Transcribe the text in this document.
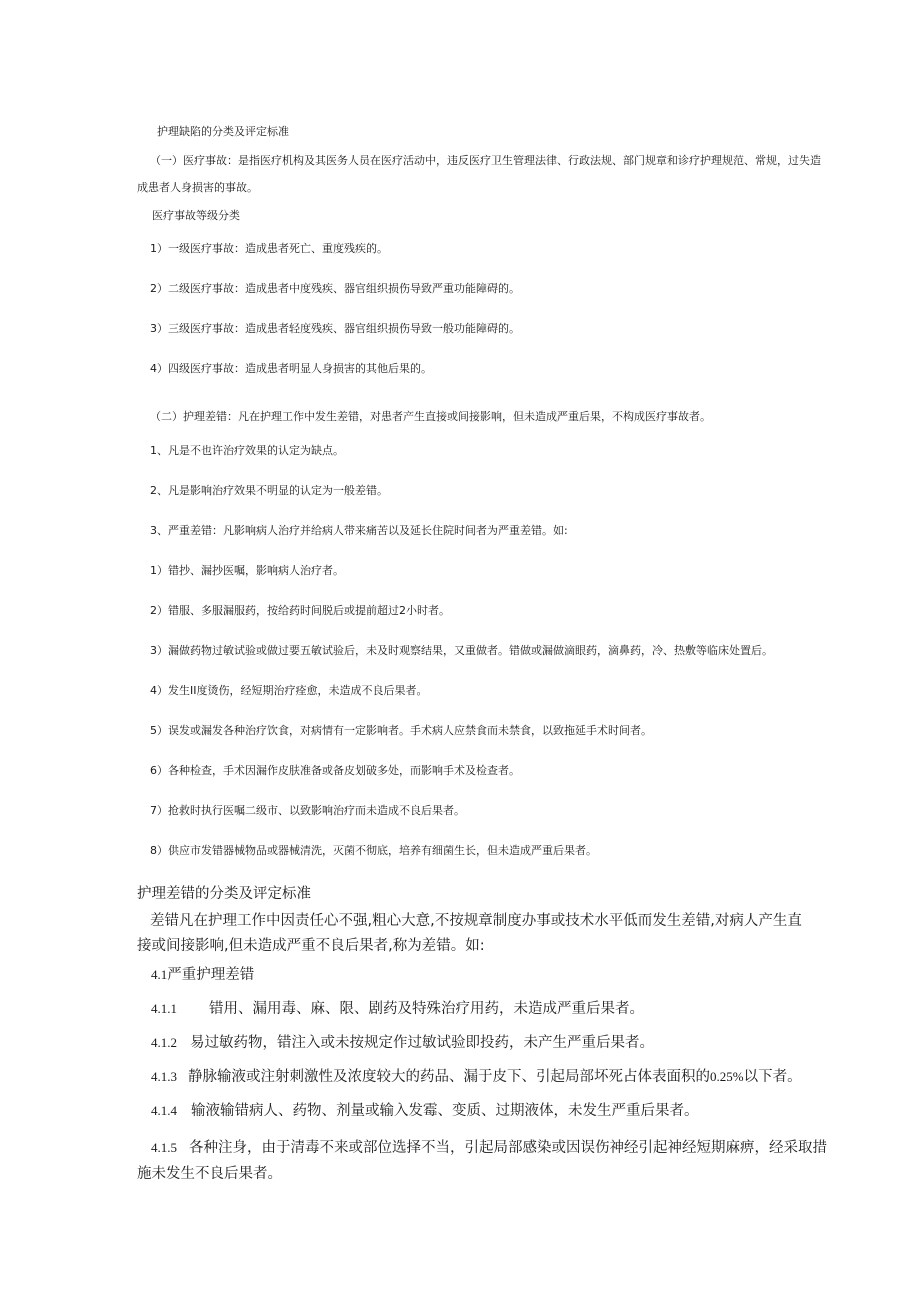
护理缺陷的分类及评定标准

（一）医疗事故：是指医疗机构及其医务人员在医疗活动中，违反医疗卫生管理法律、行政法规、部门规章和诊疗护理规范、常规，过失造

成患者人身损害的事故。

医疗事故等级分类

1）一级医疗事故：造成患者死亡、重度残疾的。

2）二级医疗事故：造成患者中度残疾、器官组织损伤导致严重功能障碍的。

3）三级医疗事故：造成患者轻度残疾、器官组织损伤导致一般功能障碍的。

4）四级医疗事故：造成患者明显人身损害的其他后果的。

（二）护理差错：凡在护理工作中发生差错，对患者产生直接或间接影响，但未造成严重后果，不构成医疗事故者。

1、凡是不也许治疗效果的认定为缺点。

2、凡是影响治疗效果不明显的认定为一般差错。

3、严重差错：凡影响病人治疗并给病人带来痛苦以及延长住院时间者为严重差错。如:

1）错抄、漏抄医嘱，影响病人治疗者。

2）错服、多服漏服药，按给药时间脱后或提前超过2小时者。

3）漏做药物过敏试验或做过要五敏试验后，未及时观察结果，又重做者。错做或漏做滴眼药，滴鼻药，冷、热敷等临床处置后。

4）发生II度烫伤，经短期治疗痊愈，未造成不良后果者。

5）误发或漏发各种治疗饮食，对病情有一定影响者。手术病人应禁食而未禁食，以致拖延手术时间者。

6）各种检查，手术因漏作皮肤准备或备皮划破多处，而影响手术及检查者。

7）抢救时执行医嘱二级市、以致影响治疗而未造成不良后果者。

8）供应市发错器械物品或器械清洗，灭菌不彻底，培养有细菌生长，但未造成严重后果者。

护理差错的分类及评定标准

差错凡在护理工作中因责任心不强,粗心大意,不按规章制度办事或技术水平低而发生差错,对病人产生直

接或间接影响,但未造成严重不良后果者,称为差错。如:

4.1严重护理差错

4.1.1 错用、漏用毒、麻、限、剧药及特殊治疗用药，未造成严重后果者。

4.1.2 易过敏药物，错注入或未按规定作过敏试验即投药，未产生严重后果者。

4.1.3 静脉输液或注射刺激性及浓度较大的药品、漏于皮下、引起局部坏死占体表面积的0.25%以下者。

4.1.4 输液输错病人、药物、剂量或输入发霉、变质、过期液体，未发生严重后果者。

4.1.5 各种注身，由于清毒不来或部位选择不当，引起局部感染或因误伤神经引起神经短期麻痹，经采取措

施未发生不良后果者。
